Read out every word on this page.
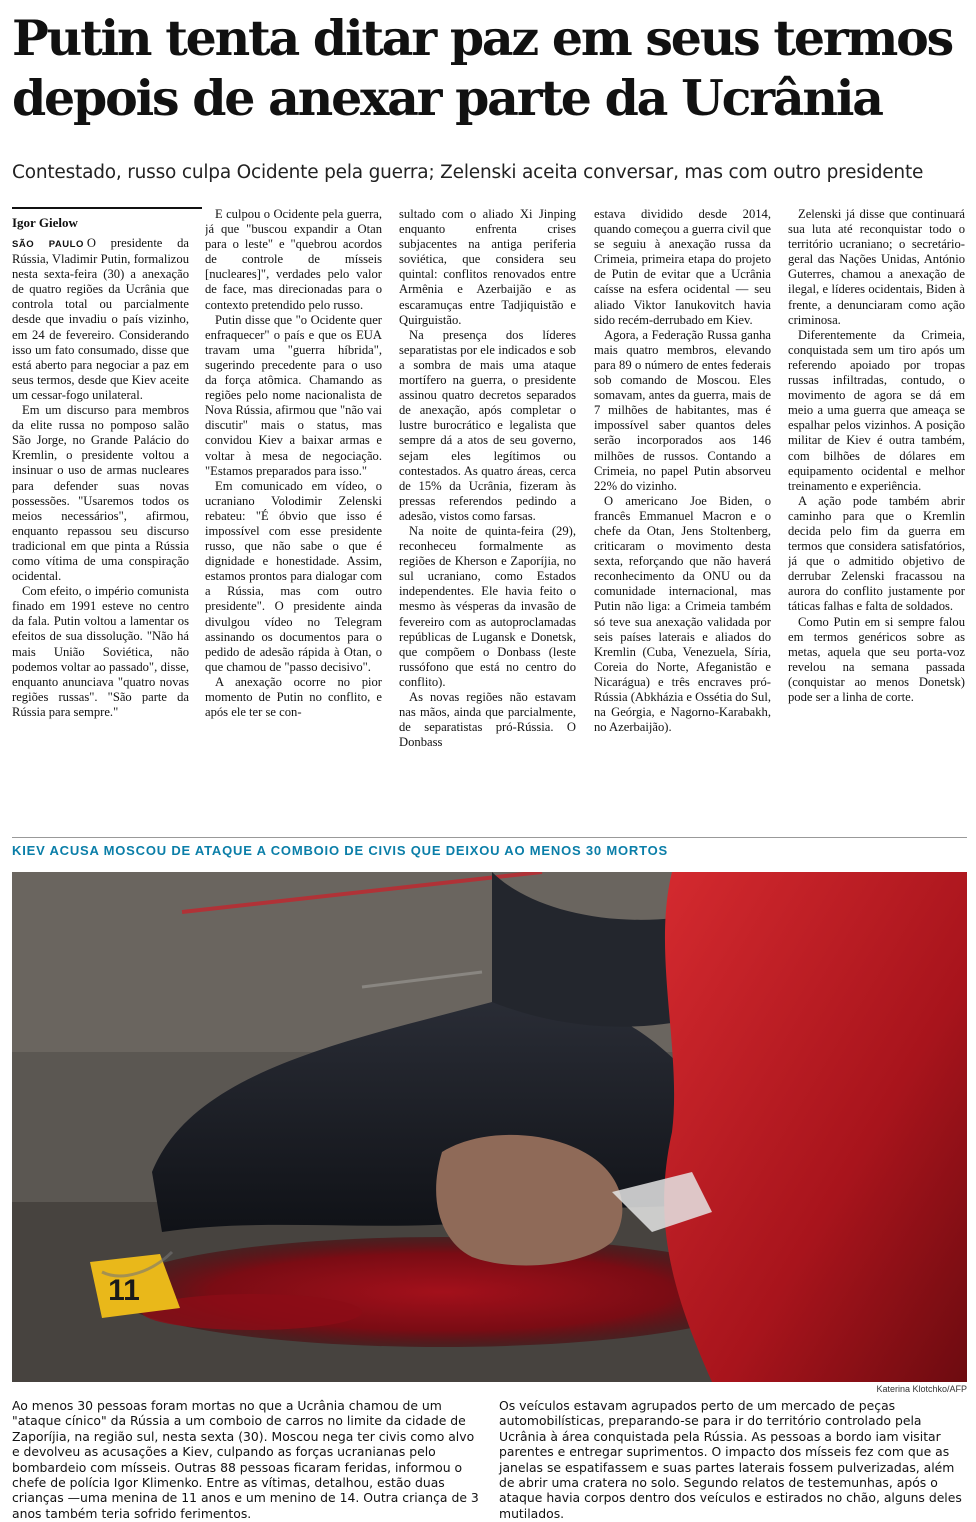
Putin tenta ditar paz em seus termos
depois de anexar parte da Ucrânia
Contestado, russo culpa Ocidente pela guerra; Zelenski aceita conversar, mas com outro presidente
Igor Gielow

SÃO PAULO O presidente da Rússia, Vladimir Putin, formalizou nesta sexta-feira (30) a anexação de quatro regiões da Ucrânia que controla total ou parcialmente desde que invadiu o país vizinho, em 24 de fevereiro. Considerando isso um fato consumado, disse que está aberto para negociar a paz em seus termos, desde que Kiev aceite um cessar-fogo unilateral.

Em um discurso para membros da elite russa no pomposo salão São Jorge, no Grande Palácio do Kremlin, o presidente voltou a insinuar o uso de armas nucleares para defender suas novas possessões. "Usaremos todos os meios necessários", afirmou, enquanto repassou seu discurso tradicional em que pinta a Rússia como vítima de uma conspiração ocidental.

Com efeito, o império comunista finado em 1991 esteve no centro da fala. Putin voltou a lamentar os efeitos de sua dissolução. "Não há mais União Soviética, não podemos voltar ao passado", disse, enquanto anunciava "quatro novas regiões russas". "São parte da Rússia para sempre."

E culpou o Ocidente pela guerra, já que "buscou expandir a Otan para o leste" e "quebrou acordos de controle de mísseis [nucleares]", verdades pelo valor de face, mas direcionadas para o contexto pretendido pelo russo.

Putin disse que "o Ocidente quer enfraquecer" o país e que os EUA travam uma "guerra híbrida", sugerindo precedente para o uso da força atômica. Chamando as regiões pelo nome nacionalista de Nova Rússia, afirmou que "não vai discutir" mais o status, mas convidou Kiev a baixar armas e voltar à mesa de negociação. "Estamos preparados para isso."

Em comunicado em vídeo, o ucraniano Volodimir Zelenski rebateu: "É óbvio que isso é impossível com esse presidente russo, que não sabe o que é dignidade e honestidade. Assim, estamos prontos para dialogar com a Rússia, mas com outro presidente". O presidente ainda divulgou vídeo no Telegram assinando os documentos para o pedido de adesão rápida à Otan, o que chamou de "passo decisivo".

A anexação ocorre no pior momento de Putin no conflito, e após ele ter se con-

sultado com o aliado Xi Jinping enquanto enfrenta crises subjacentes na antiga periferia soviética, que considera seu quintal: conflitos renovados entre Armênia e Azerbaijão e as escaramuças entre Tadjiquistão e Quirguistão.

Na presença dos líderes separatistas por ele indicados e sob a sombra de mais uma ataque mortífero na guerra, o presidente assinou quatro decretos separados de anexação, após completar o lustre burocrático e legalista que sempre dá a atos de seu governo, sejam eles legítimos ou contestados. As quatro áreas, cerca de 15% da Ucrânia, fizeram às pressas referendos pedindo a adesão, vistos como farsas.

Na noite de quinta-feira (29), reconheceu formalmente as regiões de Kherson e Zaporíjia, no sul ucraniano, como Estados independentes. Ele havia feito o mesmo às vésperas da invasão de fevereiro com as autoproclamadas repúblicas de Lugansk e Donetsk, que compõem o Donbass (leste russófono que está no centro do conflito).

As novas regiões não estavam nas mãos, ainda que parcialmente, de separatistas pró-Rússia. O Donbass

estava dividido desde 2014, quando começou a guerra civil que se seguiu à anexação russa da Crimeia, primeira etapa do projeto de Putin de evitar que a Ucrânia caísse na esfera ocidental — seu aliado Viktor Ianukovitch havia sido recém-derrubado em Kiev.

Agora, a Federação Russa ganha mais quatro membros, elevando para 89 o número de entes federais sob comando de Moscou. Eles somavam, antes da guerra, mais de 7 milhões de habitantes, mas é impossível saber quantos deles serão incorporados aos 146 milhões de russos. Contando a Crimeia, no papel Putin absorveu 22% do vizinho.

O americano Joe Biden, o francês Emmanuel Macron e o chefe da Otan, Jens Stoltenberg, criticaram o movimento desta sexta, reforçando que não haverá reconhecimento da ONU ou da comunidade internacional, mas Putin não liga: a Crimeia também só teve sua anexação validada por seis países laterais e aliados do Kremlin (Cuba, Venezuela, Síria, Coreia do Norte, Afeganistão e Nicarágua) e três encraves pró-Rússia (Abkházia e Ossétia do Sul, na Geórgia, e Nagorno-Karabakh, no Azerbaijão).

Zelenski já disse que continuará sua luta até reconquistar todo o território ucraniano; o secretário-geral das Nações Unidas, António Guterres, chamou a anexação de ilegal, e líderes ocidentais, Biden à frente, a denunciaram como ação criminosa.

Diferentemente da Crimeia, conquistada sem um tiro após um referendo apoiado por tropas russas infiltradas, contudo, o movimento de agora se dá em meio a uma guerra que ameaça se espalhar pelos vizinhos. A posição militar de Kiev é outra também, com bilhões de dólares em equipamento ocidental e melhor treinamento e experiência.

A ação pode também abrir caminho para que o Kremlin decida pelo fim da guerra em termos que considera satisfatórios, já que o admitido objetivo de derrubar Zelenski fracassou na aurora do conflito justamente por táticas falhas e falta de soldados.

Como Putin em si sempre falou em termos genéricos sobre as metas, aquela que seu porta-voz revelou na semana passada (conquistar ao menos Donetsk) pode ser a linha de corte.

KIEV ACUSA MOSCOU DE ATAQUE A COMBOIO DE CIVIS QUE DEIXOU AO MENOS 30 MORTOS
11
Katerina Klotchko/AFP
Ao menos 30 pessoas foram mortas no que a Ucrânia chamou de um "ataque cínico" da Rússia a um comboio de carros no limite da cidade de Zaporíjia, na região sul, nesta sexta (30). Moscou nega ter civis como alvo e devolveu as acusações a Kiev, culpando as forças ucranianas pelo bombardeio com mísseis. Outras 88 pessoas ficaram feridas, informou o chefe de polícia Igor Klimenko. Entre as vítimas, detalhou, estão duas crianças —uma menina de 11 anos e um menino de 14. Outra criança de 3 anos também teria sofrido ferimentos.
Os veículos estavam agrupados perto de um mercado de peças automobilísticas, preparando-se para ir do território controlado pela Ucrânia à área conquistada pela Rússia. As pessoas a bordo iam visitar parentes e entregar suprimentos. O impacto dos mísseis fez com que as janelas se espatifassem e suas partes laterais fossem pulverizadas, além de abrir uma cratera no solo. Segundo relatos de testemunhas, após o ataque havia corpos dentro dos veículos e estirados no chão, alguns deles mutilados.
